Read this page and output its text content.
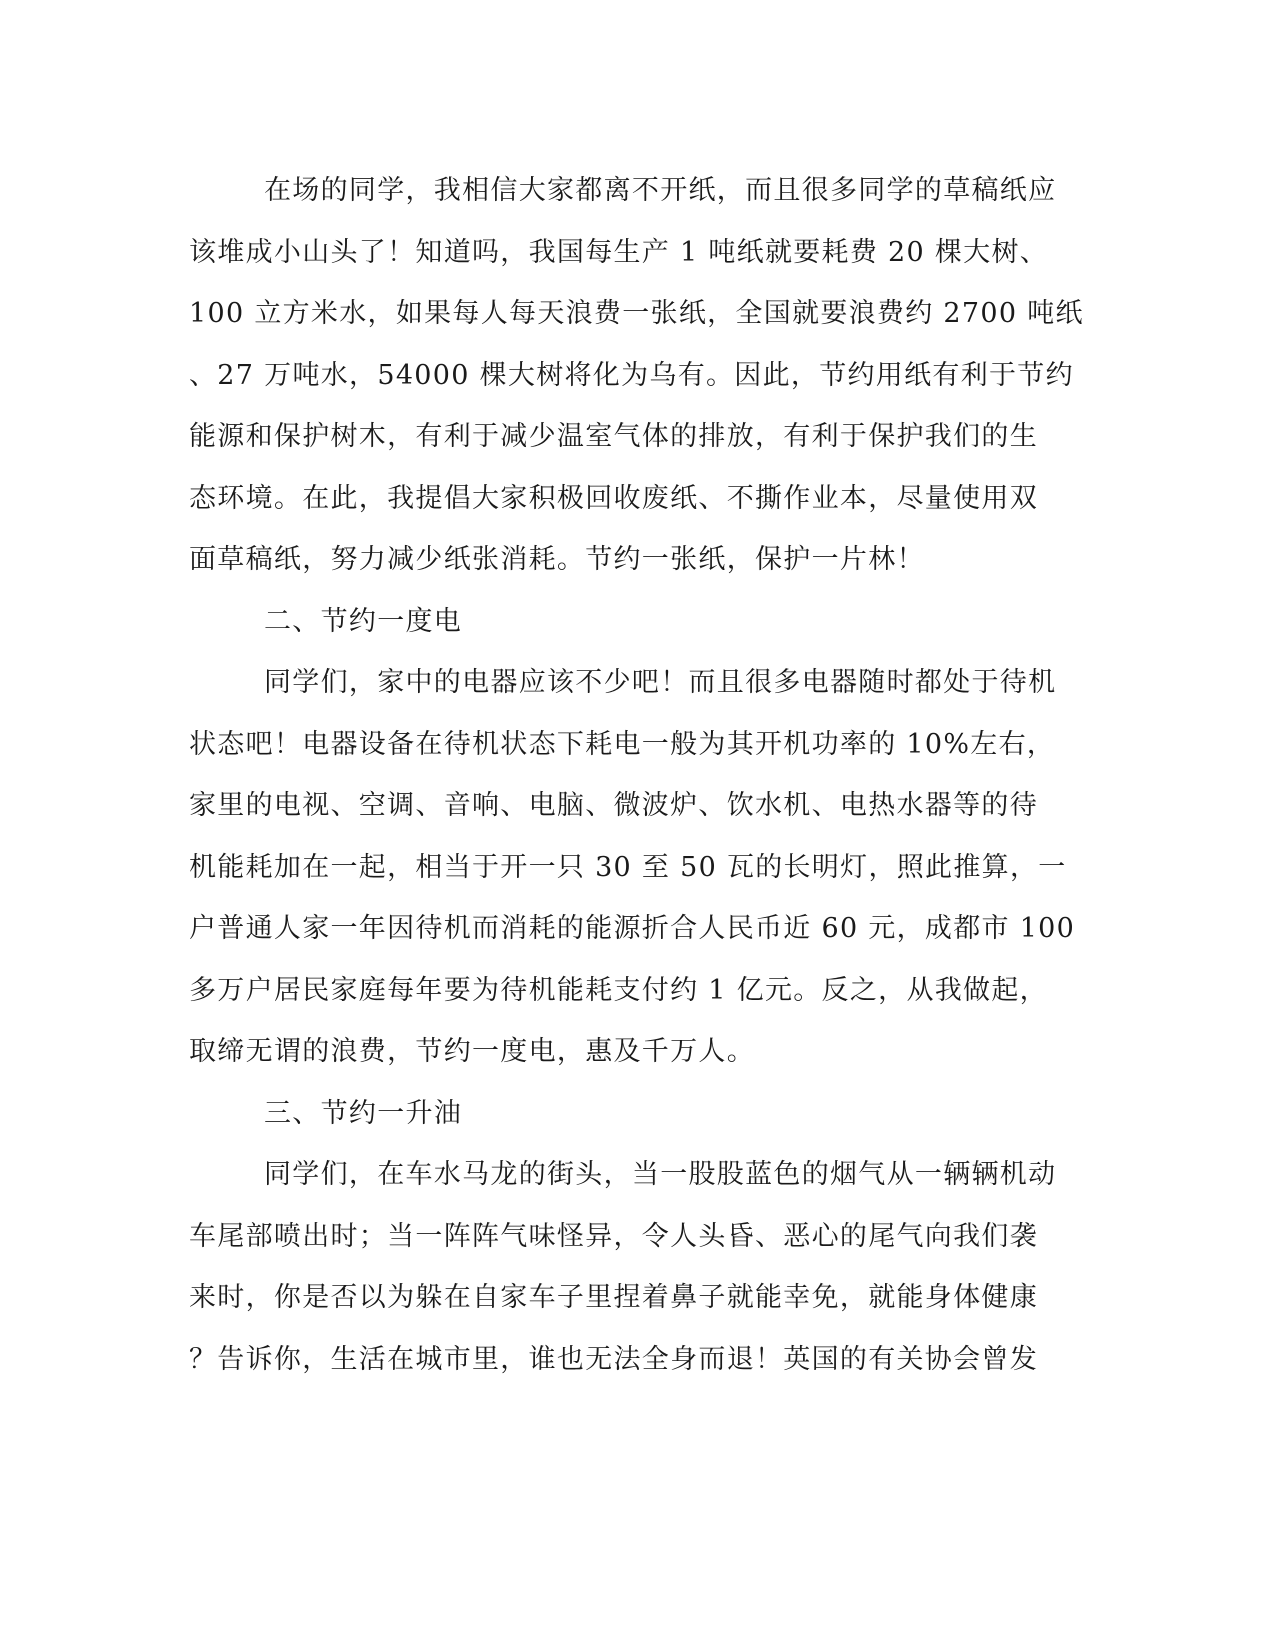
在场的同学，我相信大家都离不开纸，而且很多同学的草稿纸应
该堆成小山头了！知道吗，我国每生产 1 吨纸就要耗费 20 棵大树、
100 立方米水，如果每人每天浪费一张纸，全国就要浪费约 2700 吨纸
、27 万吨水，54000 棵大树将化为乌有。因此，节约用纸有利于节约
能源和保护树木，有利于减少温室气体的排放，有利于保护我们的生
态环境。在此，我提倡大家积极回收废纸、不撕作业本，尽量使用双
面草稿纸，努力减少纸张消耗。节约一张纸，保护一片林！
二、节约一度电
同学们，家中的电器应该不少吧！而且很多电器随时都处于待机
状态吧！电器设备在待机状态下耗电一般为其开机功率的 10%左右，
家里的电视、空调、音响、电脑、微波炉、饮水机、电热水器等的待
机能耗加在一起，相当于开一只 30 至 50 瓦的长明灯，照此推算，一
户普通人家一年因待机而消耗的能源折合人民币近 60 元，成都市 100
多万户居民家庭每年要为待机能耗支付约 1 亿元。反之，从我做起，
取缔无谓的浪费，节约一度电，惠及千万人。
三、节约一升油
同学们，在车水马龙的街头，当一股股蓝色的烟气从一辆辆机动
车尾部喷出时；当一阵阵气味怪异，令人头昏、恶心的尾气向我们袭
来时，你是否以为躲在自家车子里捏着鼻子就能幸免，就能身体健康
？告诉你，生活在城市里，谁也无法全身而退！英国的有关协会曾发
